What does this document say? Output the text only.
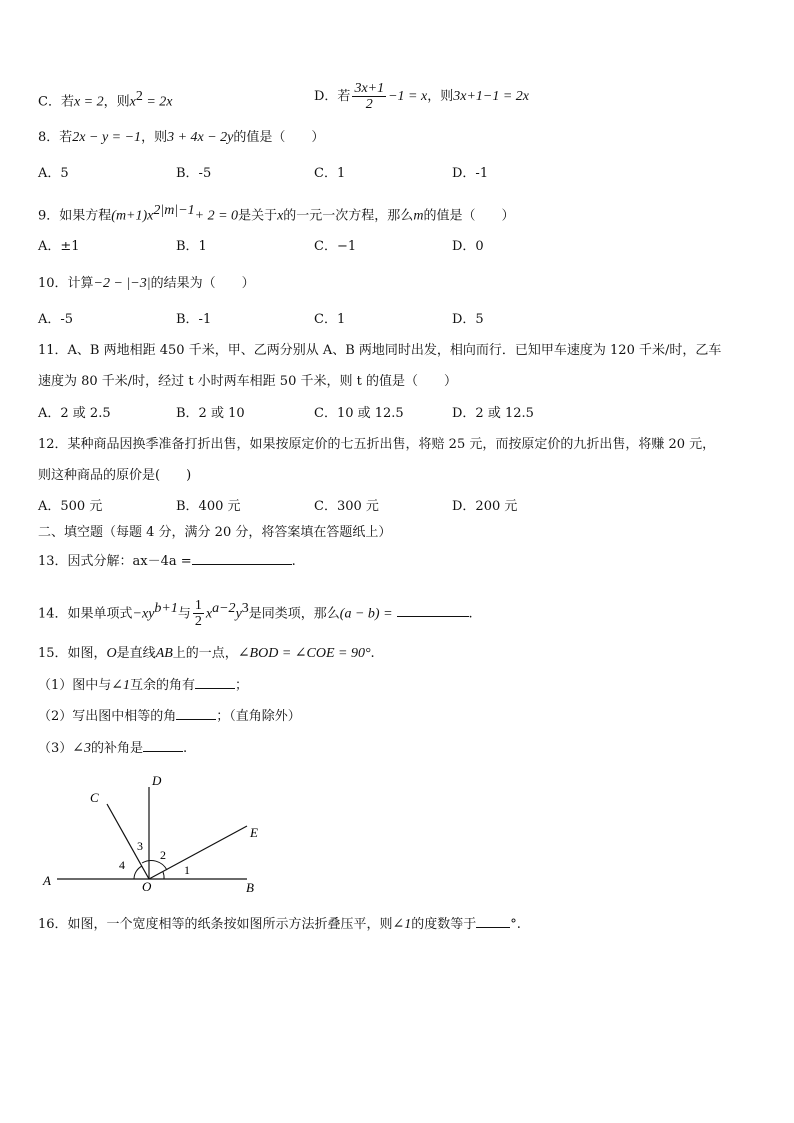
C．若x = 2，则$x^2 = 2x$	D．若 $\frac{3x+1}{2} -1 = x$，则3x+1−1 = 2x
8．若2x − y = −1，则3 + 4x − 2y的值是（　　）
A．5	B．-5	C．1	D．-1
9．如果方程$(m+1)x^{2|m|-1}+ 2 = 0$是关于x的一元一次方程，那么m的值是（　　）
A．±1	B．1	C．−1	D．0
10．计算−2 − |−3|的结果为（　　）
A．-5	B．-1	C．1	D．5
11．A、B 两地相距 450 千米，甲、乙两分别从 A、B 两地同时出发，相向而行．已知甲车速度为 120 千米/时，乙车
速度为 80 千米/时，经过 t 小时两车相距 50 千米，则 t 的值是（　　）
A．2 或 2.5	B．2 或 10	C．10 或 12.5	D．2 或 12.5
12．某种商品因换季准备打折出售，如果按原定价的七五折出售，将赔 25 元，而按原定价的九折出售，将赚 20 元，
则这种商品的原价是(　　)
A．500 元	B．400 元	C．300 元	D．200 元
二、填空题（每题 4 分，满分 20 分，将答案填在答题纸上）
13．因式分解：ax－4a =	.
14．如果单项式$-xy^{b+1}$与 $\frac{1}{2} x^{a-2}y^3$是同类项，那么(a − b) =	.
15．如图，O是直线AB上的一点，∠BOD = ∠COE = 90°.
（1）图中与∠1互余的角有	；
（2）写出图中相等的角	；（直角除外）
（3）∠3的补角是	.
A	B
C
D
E
O
1
2
3
4
16．如图，一个宽度相等的纸条按如图所示方法折叠压平，则∠1的度数等于	°.
